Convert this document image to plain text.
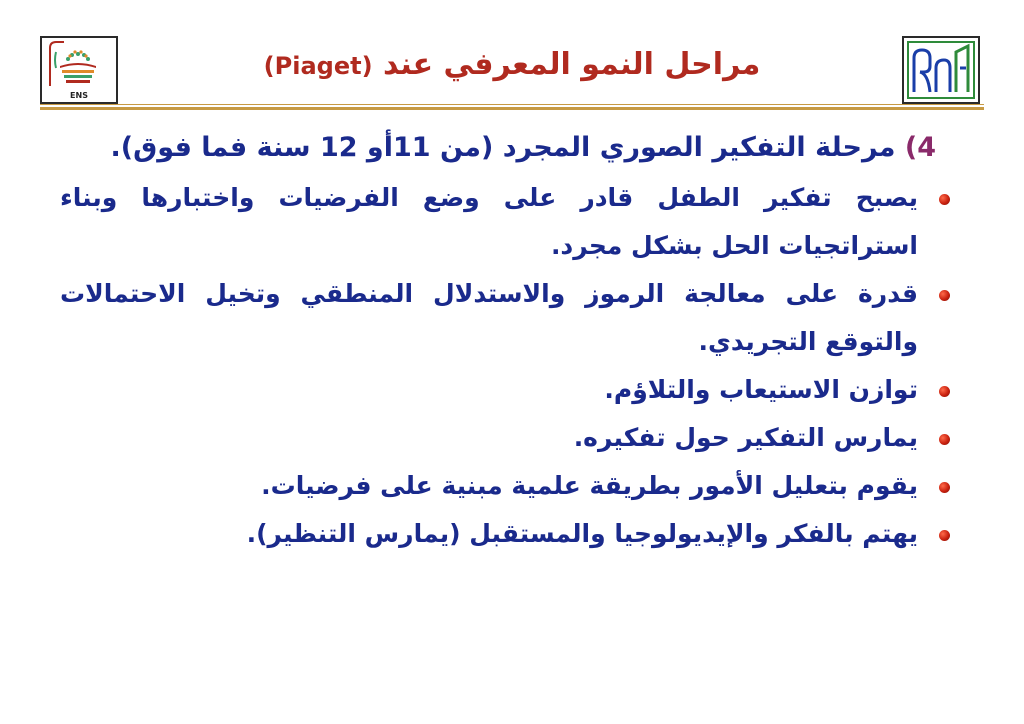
ENS
مراحل النمو المعرفي عند (Piaget)
4) مرحلة التفكير الصوري المجرد (من 11أو 12 سنة فما فوق).
يصبح تفكير الطفل قادر على وضع الفرضيات واختبارها وبناء استراتجيات الحل بشكل مجرد.
قدرة على معالجة الرموز والاستدلال المنطقي وتخيل الاحتمالات والتوقع التجريدي.
توازن الاستيعاب والتلاؤم.
يمارس التفكير حول تفكيره.
يقوم بتعليل الأمور بطريقة علمية مبنية على فرضيات.
يهتم بالفكر والإيديولوجيا والمستقبل (يمارس التنظير).
